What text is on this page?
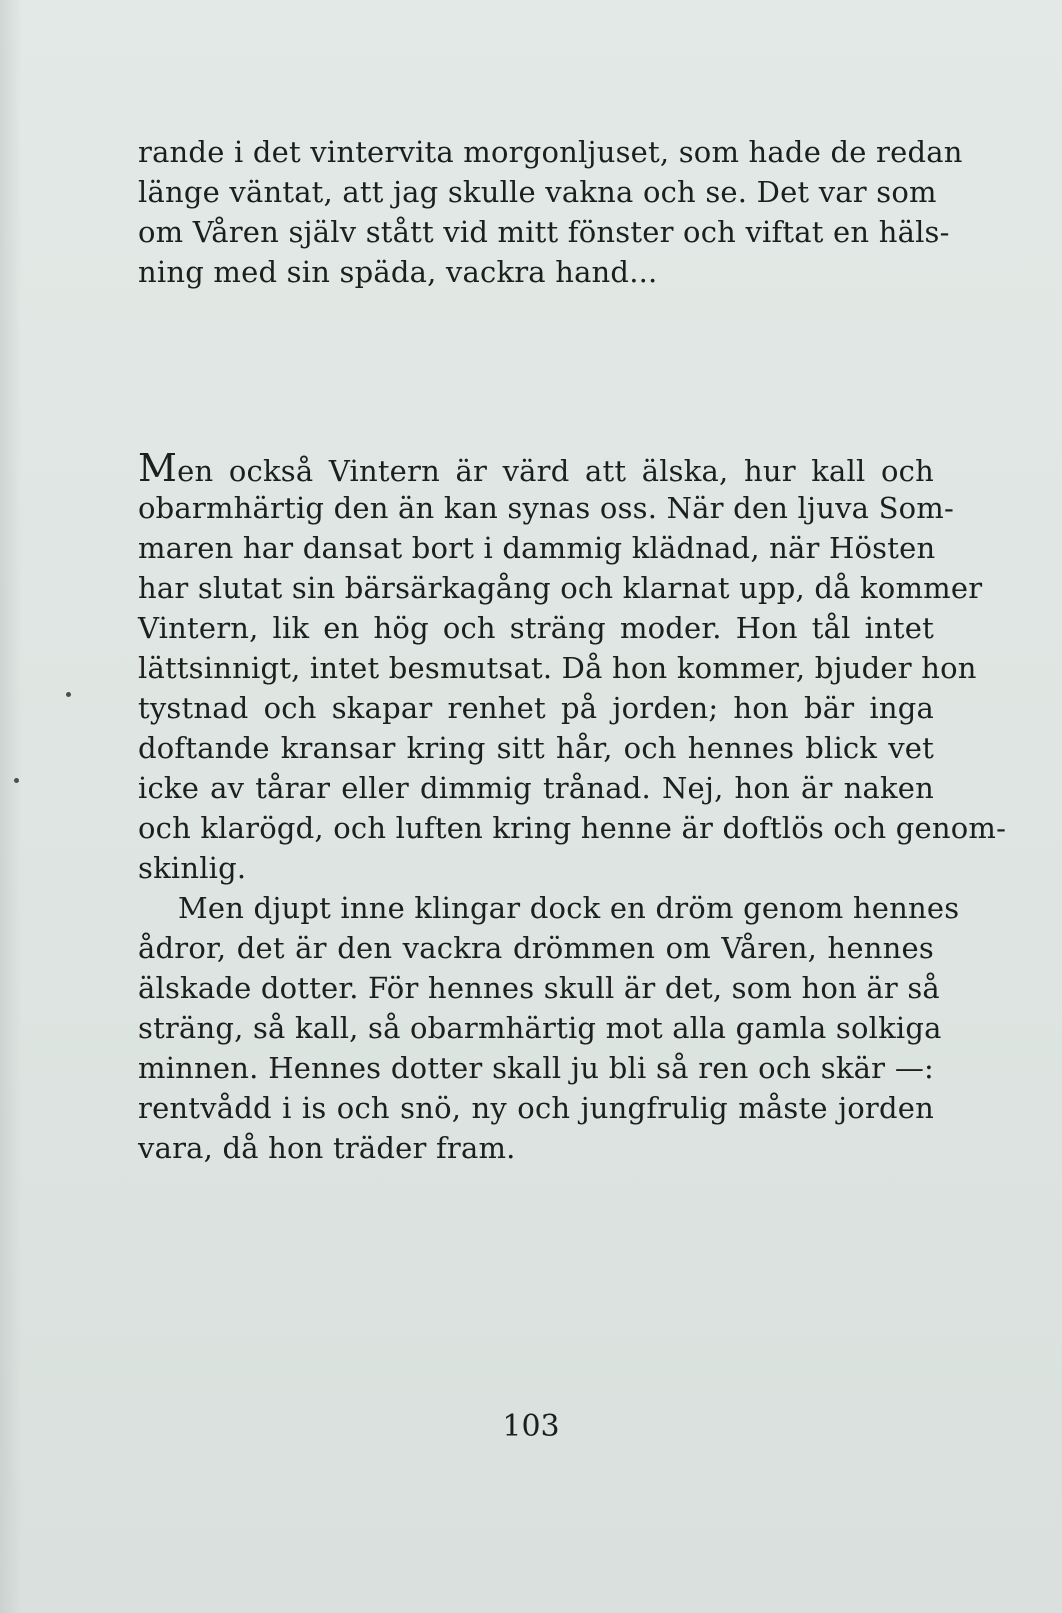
rande i det vintervita morgonljuset, som hade de redan
länge väntat, att jag skulle vakna och se. Det var som
om Våren själv stått vid mitt fönster och viftat en häls-
ning med sin späda, vackra hand...
Men också Vintern är värd att älska, hur kall och
obarmhärtig den än kan synas oss. När den ljuva Som-
maren har dansat bort i dammig klädnad, när Hösten
har slutat sin bärsärkagång och klarnat upp, då kommer
Vintern, lik en hög och sträng moder. Hon tål intet
lättsinnigt, intet besmutsat. Då hon kommer, bjuder hon
tystnad och skapar renhet på jorden; hon bär inga
doftande kransar kring sitt hår, och hennes blick vet
icke av tårar eller dimmig trånad. Nej, hon är naken
och klarögd, och luften kring henne är doftlös och genom-
skinlig.
Men djupt inne klingar dock en dröm genom hennes
ådror, det är den vackra drömmen om Våren, hennes
älskade dotter. För hennes skull är det, som hon är så
sträng, så kall, så obarmhärtig mot alla gamla solkiga
minnen. Hennes dotter skall ju bli så ren och skär —:
rentvådd i is och snö, ny och jungfrulig måste jorden
vara, då hon träder fram.
103
